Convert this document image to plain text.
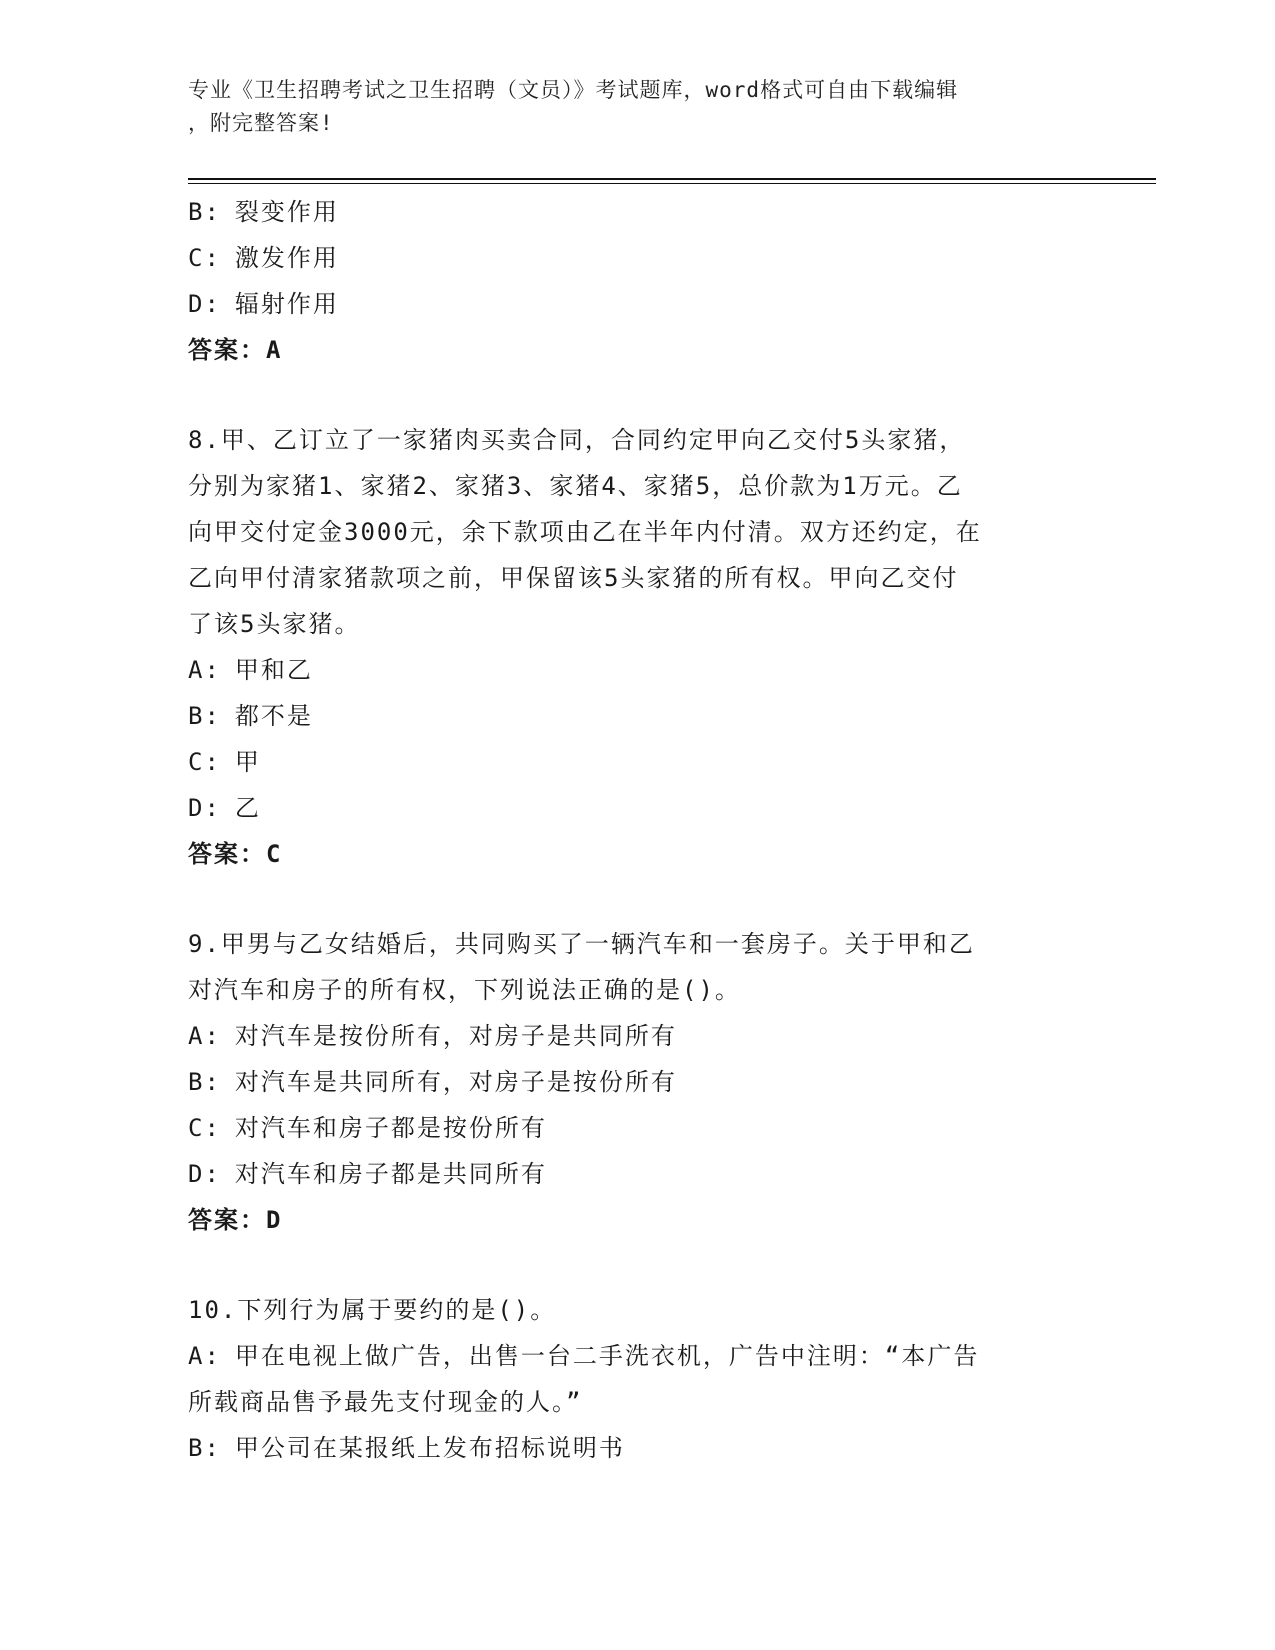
专业《卫生招聘考试之卫生招聘（文员）》考试题库，word格式可自由下载编辑
，附完整答案!
B: 裂变作用
C: 激发作用
D: 辐射作用
答案：A
8.甲、乙订立了一家猪肉买卖合同，合同约定甲向乙交付5头家猪，
分别为家猪1、家猪2、家猪3、家猪4、家猪5，总价款为1万元。乙
向甲交付定金3000元，余下款项由乙在半年内付清。双方还约定，在
乙向甲付清家猪款项之前，甲保留该5头家猪的所有权。甲向乙交付
了该5头家猪。
A: 甲和乙
B: 都不是
C: 甲
D: 乙
答案：C
9.甲男与乙女结婚后，共同购买了一辆汽车和一套房子。关于甲和乙
对汽车和房子的所有权，下列说法正确的是()。
A: 对汽车是按份所有，对房子是共同所有
B: 对汽车是共同所有，对房子是按份所有
C: 对汽车和房子都是按份所有
D: 对汽车和房子都是共同所有
答案：D
10.下列行为属于要约的是()。
A: 甲在电视上做广告，出售一台二手洗衣机，广告中注明：“本广告
所载商品售予最先支付现金的人。”
B: 甲公司在某报纸上发布招标说明书
